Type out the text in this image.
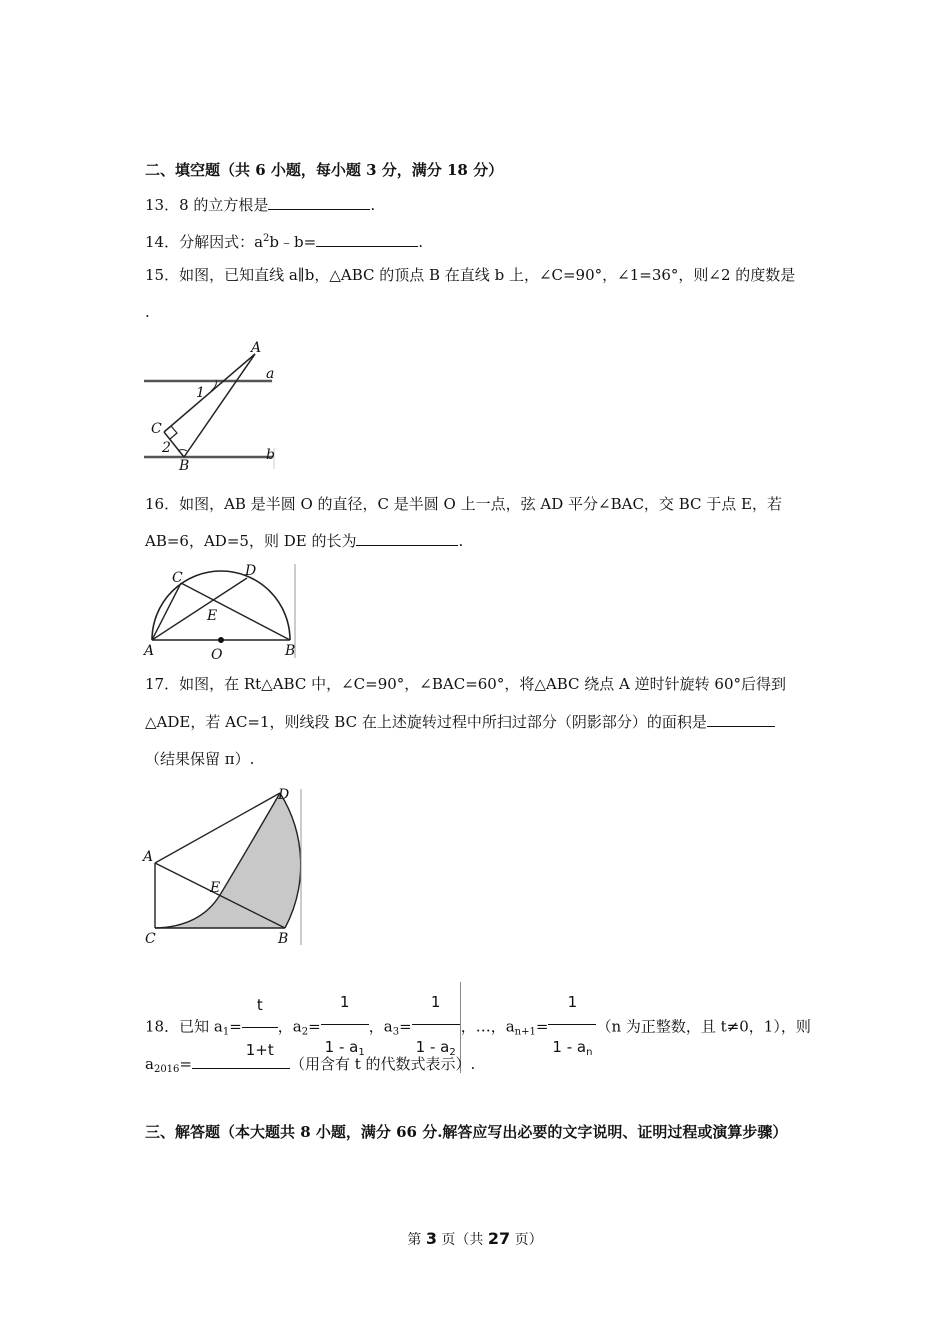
二、填空题（共 6 小题，每小题 3 分，满分 18 分）
13．8 的立方根是	.
14．分解因式：$a^2b﹣b=$	.
15．如图，已知直线 a∥b，△ABC 的顶点 B 在直线 b 上，∠C=90°，∠1=36°，则∠2 的度数是
.
A
a
1
C
2
B
b
16．如图，AB 是半圆 O 的直径，C 是半圆 O 上一点，弦 AD 平分∠BAC，交 BC 于点 E，若
AB=6，AD=5，则 DE 的长为	.
C	D
E
A	O	B
17．如图，在 Rt△ABC 中，∠C=90°，∠BAC=60°，将△ABC 绕点 A 逆时针旋转 60°后得到
△ADE，若 AC=1，则线段 BC 在上述旋转过程中所扫过部分（阴影部分）的面积是
（结果保留 π）.
D
A
E
C	B
18．已知 $a_1= \frac{t}{1+t}$ ，$a_2= \frac{1}{1 - a_1}$ ，$a_3= \frac{1}{1 - a_2}$ ，…，$a_{n+1}= \frac{1}{1 - a_n} (n$ 为正整数，且 t≠0，1），则
$a_{2016}=$	（用含有 t 的代数式表示）.
三、解答题（本大题共 8 小题，满分 66 分.解答应写出必要的文字说明、证明过程或演算步骤）
第 3 页（共 27 页）
